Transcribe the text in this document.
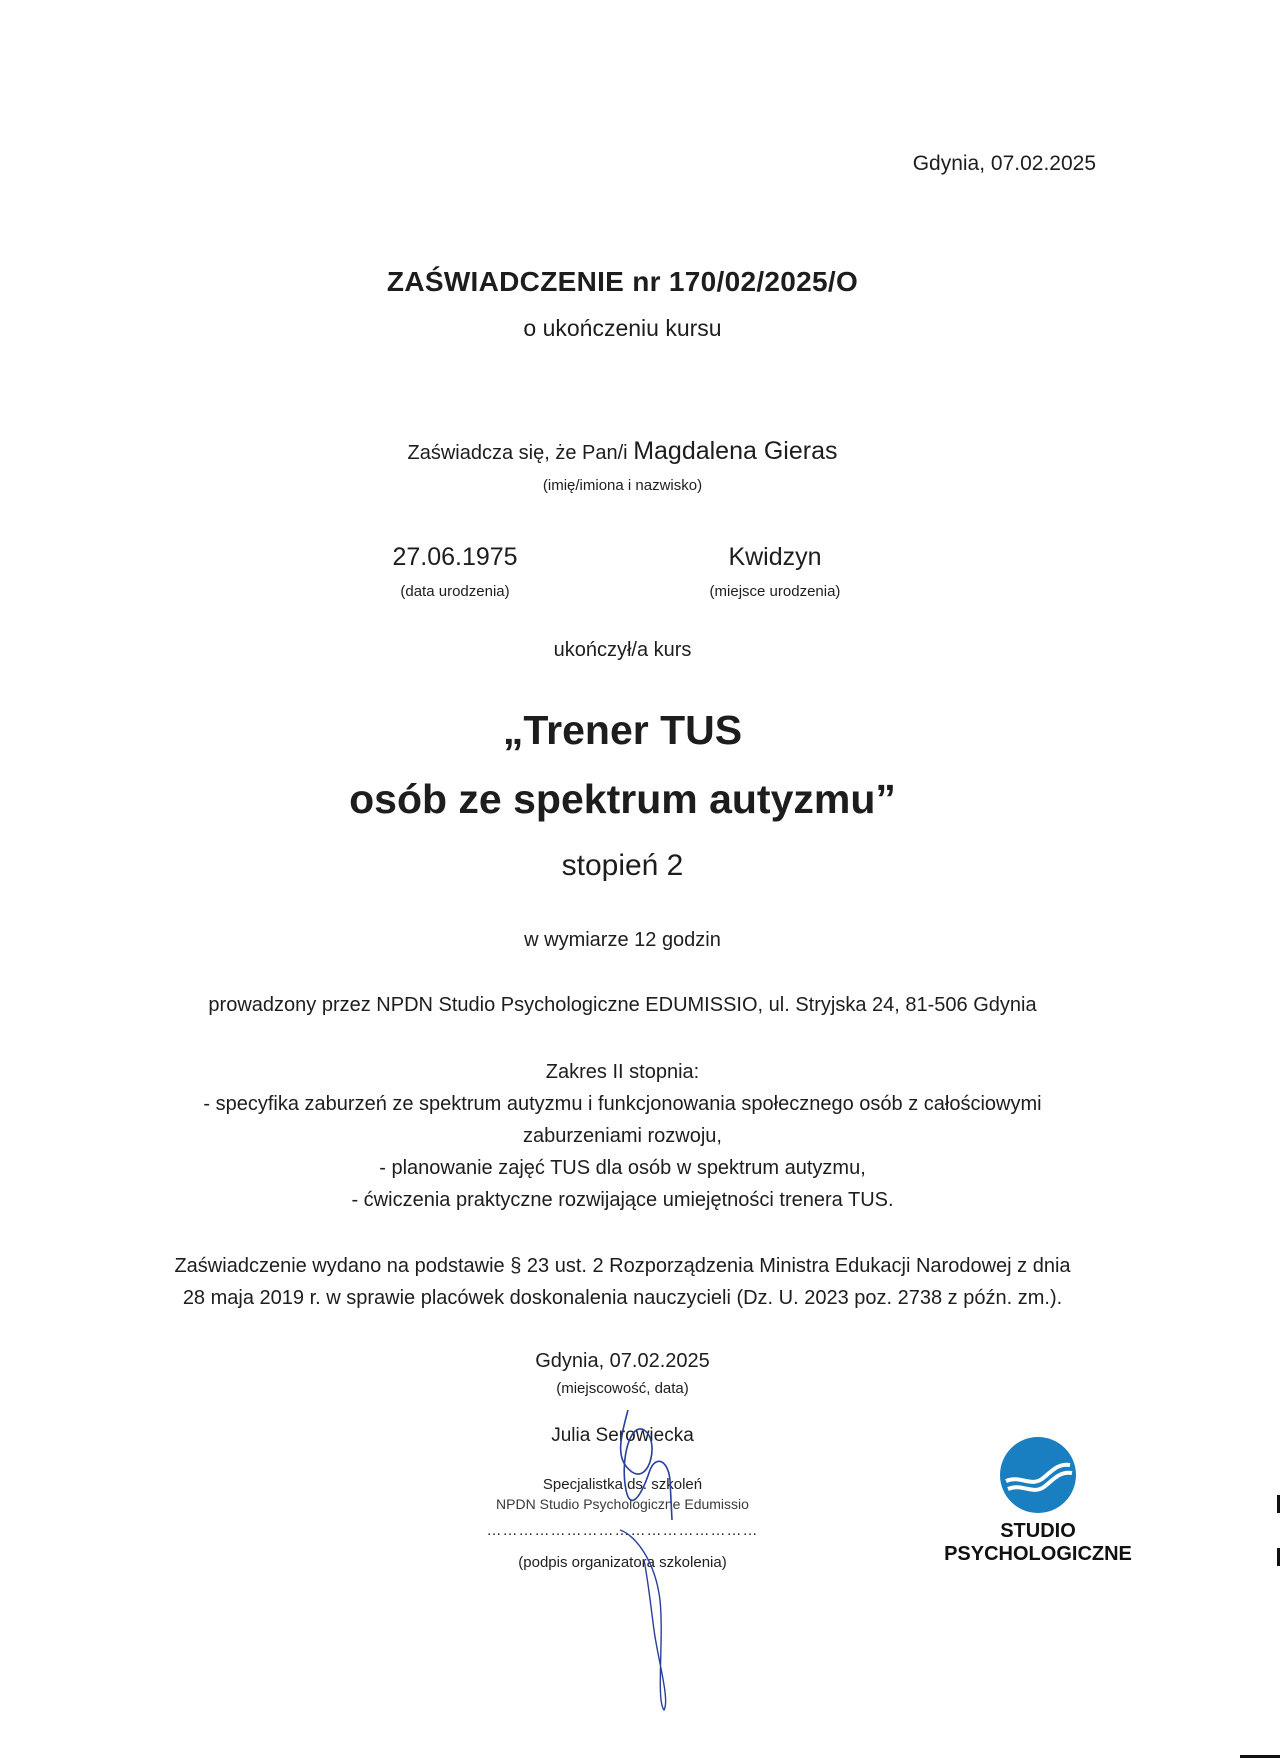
Gdynia, 07.02.2025
ZAŚWIADCZENIE nr 170/02/2025/O
o ukończeniu kursu
Zaświadcza się, że Pan/i Magdalena Gieras
(imię/imiona i nazwisko)
27.06.1975
(data urodzenia)
Kwidzyn
(miejsce urodzenia)
ukończył/a kurs
„Trener TUS
osób ze spektrum autyzmu”
stopień 2
w wymiarze 12 godzin
prowadzony przez NPDN Studio Psychologiczne EDUMISSIO, ul. Stryjska 24, 81-506 Gdynia
Zakres II stopnia:
- specyfika zaburzeń ze spektrum autyzmu i funkcjonowania społecznego osób z całościowymi
zaburzeniami rozwoju,
- planowanie zajęć TUS dla osób w spektrum autyzmu,
- ćwiczenia praktyczne rozwijające umiejętności trenera TUS.
Zaświadczenie wydano na podstawie § 23 ust. 2 Rozporządzenia Ministra Edukacji Narodowej z dnia
28 maja 2019 r. w sprawie placówek doskonalenia nauczycieli (Dz. U. 2023 poz. 2738 z późn. zm.).
Gdynia, 07.02.2025
(miejscowość, data)
Julia Serowiecka
Specjalistka ds. szkoleń
NPDN Studio Psychologiczne Edumissio
……………………………………………
(podpis organizatora szkolenia)
STUDIO
PSYCHOLOGICZNE
